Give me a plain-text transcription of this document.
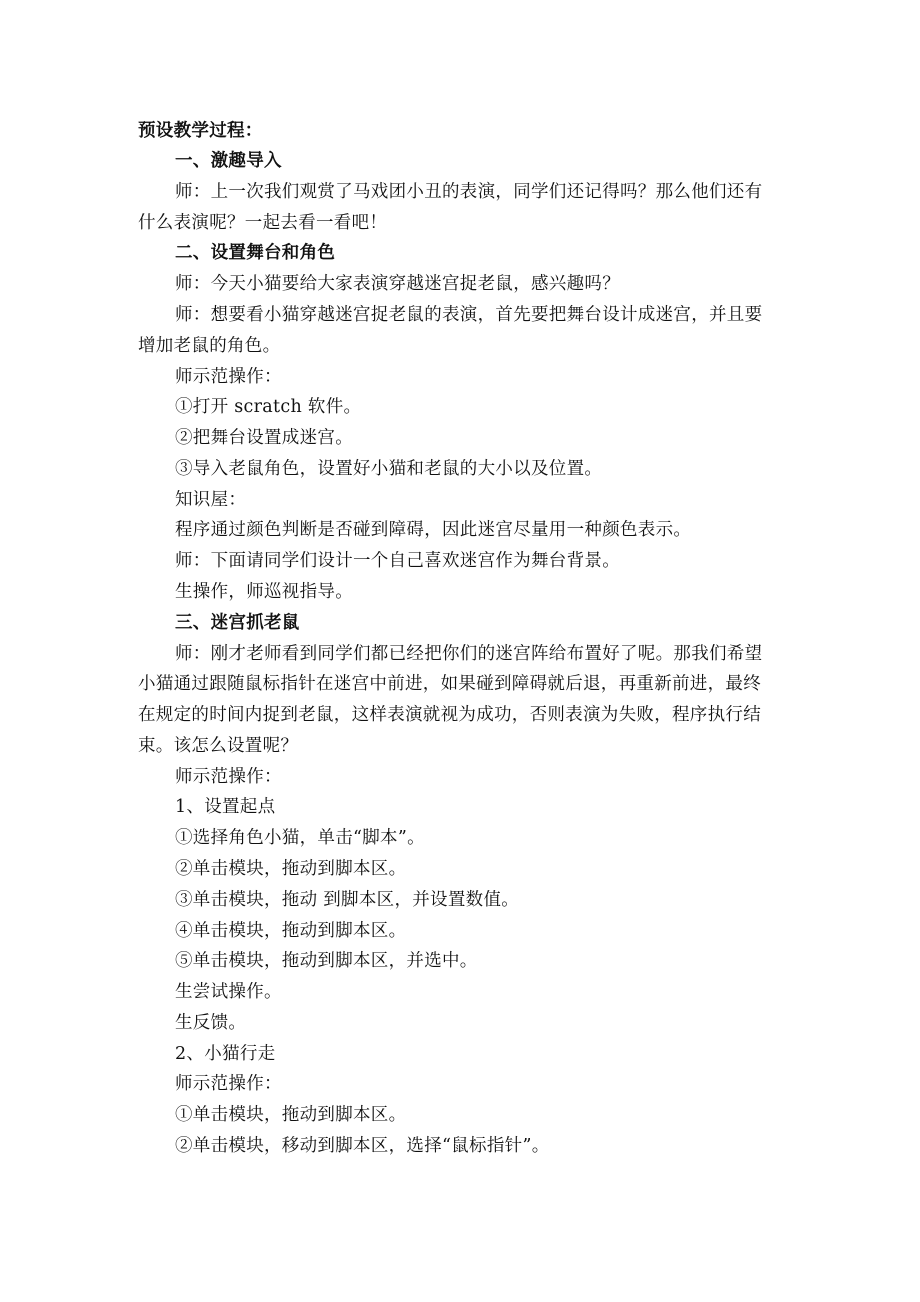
预设教学过程：
一、激趣导入
师：上一次我们观赏了马戏团小丑的表演，同学们还记得吗？那么他们还有
什么表演呢？一起去看一看吧！
二、设置舞台和角色
师：今天小猫要给大家表演穿越迷宫捉老鼠，感兴趣吗？
师：想要看小猫穿越迷宫捉老鼠的表演，首先要把舞台设计成迷宫，并且要
增加老鼠的角色。
师示范操作：
①打开 scratch 软件。
②把舞台设置成迷宫。
③导入老鼠角色，设置好小猫和老鼠的大小以及位置。
知识屋：
程序通过颜色判断是否碰到障碍，因此迷宫尽量用一种颜色表示。
师：下面请同学们设计一个自己喜欢迷宫作为舞台背景。
生操作，师巡视指导。
三、迷宫抓老鼠
师：刚才老师看到同学们都已经把你们的迷宫阵给布置好了呢。那我们希望
小猫通过跟随鼠标指针在迷宫中前进，如果碰到障碍就后退，再重新前进，最终
在规定的时间内捉到老鼠，这样表演就视为成功，否则表演为失败，程序执行结
束。该怎么设置呢？
师示范操作：
1、设置起点
①选择角色小猫，单击“脚本”。
②单击模块，拖动到脚本区。
③单击模块，拖动 到脚本区，并设置数值。
④单击模块，拖动到脚本区。
⑤单击模块，拖动到脚本区，并选中。
生尝试操作。
生反馈。
2、小猫行走
师示范操作：
①单击模块，拖动到脚本区。
②单击模块，移动到脚本区，选择“鼠标指针”。
